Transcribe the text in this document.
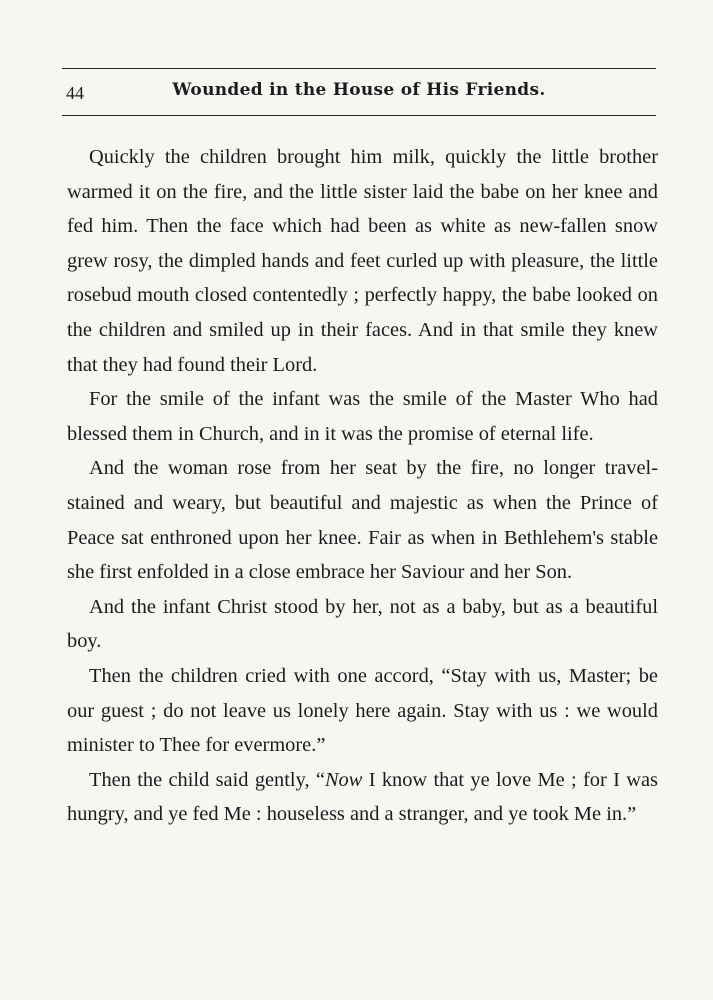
44	Wounded in the House of His Friends.

Quickly the children brought him milk, quickly the little brother warmed it on the fire, and the little sister laid the babe on her knee and fed him. Then the face which had been as white as new-fallen snow grew rosy, the dimpled hands and feet curled up with pleasure, the little rosebud mouth closed contentedly ; perfectly happy, the babe looked on the children and smiled up in their faces. And in that smile they knew that they had found their Lord.

For the smile of the infant was the smile of the Master Who had blessed them in Church, and in it was the promise of eternal life.

And the woman rose from her seat by the fire, no longer travel-stained and weary, but beautiful and majestic as when the Prince of Peace sat enthroned upon her knee. Fair as when in Bethlehem's stable she first enfolded in a close embrace her Saviour and her Son.

And the infant Christ stood by her, not as a baby, but as a beautiful boy.

Then the children cried with one accord, “Stay with us, Master; be our guest ; do not leave us lonely here again. Stay with us : we would minister to Thee for evermore.”

Then the child said gently, “Now I know that ye love Me ; for I was hungry, and ye fed Me : houseless and a stranger, and ye took Me in.”
